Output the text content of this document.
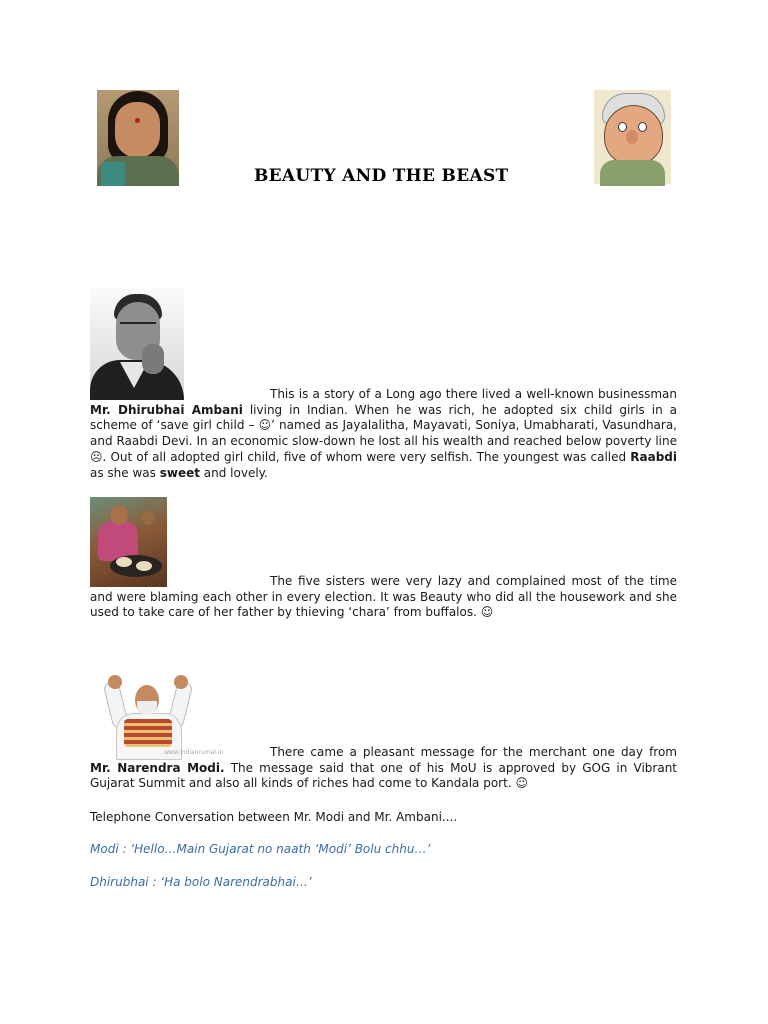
BEAUTY AND THE BEAST
This is a story of a Long ago there lived a well-known businessman Mr. Dhirubhai Ambani living in Indian. When he was rich, he adopted six child girls in a scheme of ‘save girl child – ☺’ named as Jayalalitha, Mayavati, Soniya, Umabharati, Vasundhara, and Raabdi Devi. In an economic slow-down he lost all his wealth and reached below poverty line ☹. Out of all adopted girl child, five of whom were very selfish. The youngest was called Raabdi as she was sweet and lovely.
The five sisters were very lazy and complained most of the time and were blaming each other in every election. It was Beauty who did all the housework and she used to take care of her father by thieving ‘chara’ from buffalos. ☺
www.indianrumal.in	There came a pleasant message for the merchant one day from Mr. Narendra Modi. The message said that one of his MoU is approved by GOG in Vibrant Gujarat Summit and also all kinds of riches had come to Kandala port. ☺
Telephone Conversation between Mr. Modi and Mr. Ambani....
Modi : ‘Hello…Main Gujarat no naath ‘Modi’ Bolu chhu…’
Dhirubhai : ‘Ha bolo Narendrabhai…’
